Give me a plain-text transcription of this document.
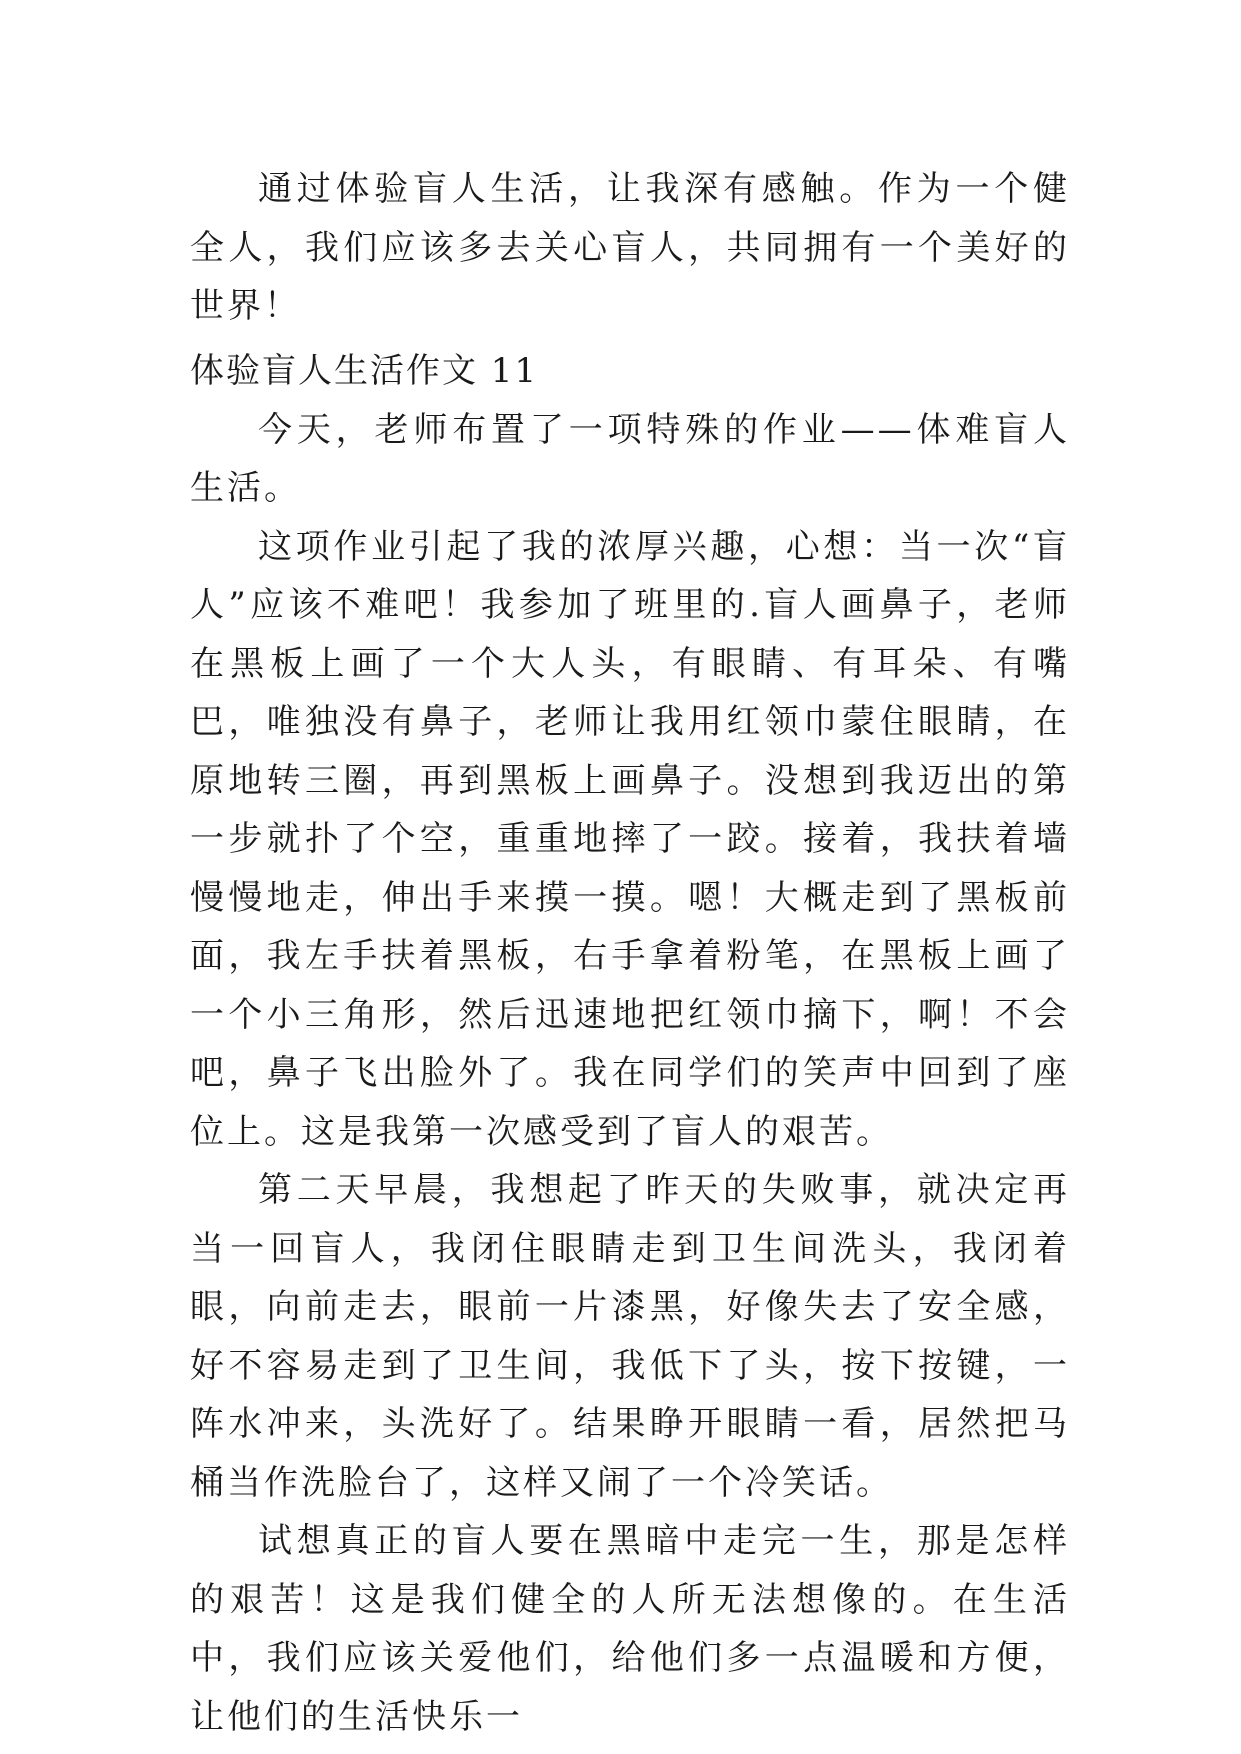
通过体验盲人生活，让我深有感触。作为一个健全人，我们应该多去关心盲人，共同拥有一个美好的世界！

体验盲人生活作文 11

今天，老师布置了一项特殊的作业——体难盲人生活。

这项作业引起了我的浓厚兴趣，心想：当一次“盲人”应该不难吧！我参加了班里的.盲人画鼻子，老师在黑板上画了一个大人头，有眼睛、有耳朵、有嘴巴，唯独没有鼻子，老师让我用红领巾蒙住眼睛，在原地转三圈，再到黑板上画鼻子。没想到我迈出的第一步就扑了个空，重重地摔了一跤。接着，我扶着墙慢慢地走，伸出手来摸一摸。嗯！大概走到了黑板前面，我左手扶着黑板，右手拿着粉笔，在黑板上画了一个小三角形，然后迅速地把红领巾摘下，啊！不会吧，鼻子飞出脸外了。我在同学们的笑声中回到了座位上。这是我第一次感受到了盲人的艰苦。

第二天早晨，我想起了昨天的失败事，就决定再当一回盲人，我闭住眼睛走到卫生间洗头，我闭着眼，向前走去，眼前一片漆黑，好像失去了安全感，好不容易走到了卫生间，我低下了头，按下按键，一阵水冲来，头洗好了。结果睁开眼睛一看，居然把马桶当作洗脸台了，这样又闹了一个冷笑话。

试想真正的盲人要在黑暗中走完一生，那是怎样的艰苦！这是我们健全的人所无法想像的。在生活中，我们应该关爱他们，给他们多一点温暖和方便，让他们的生活快乐一
